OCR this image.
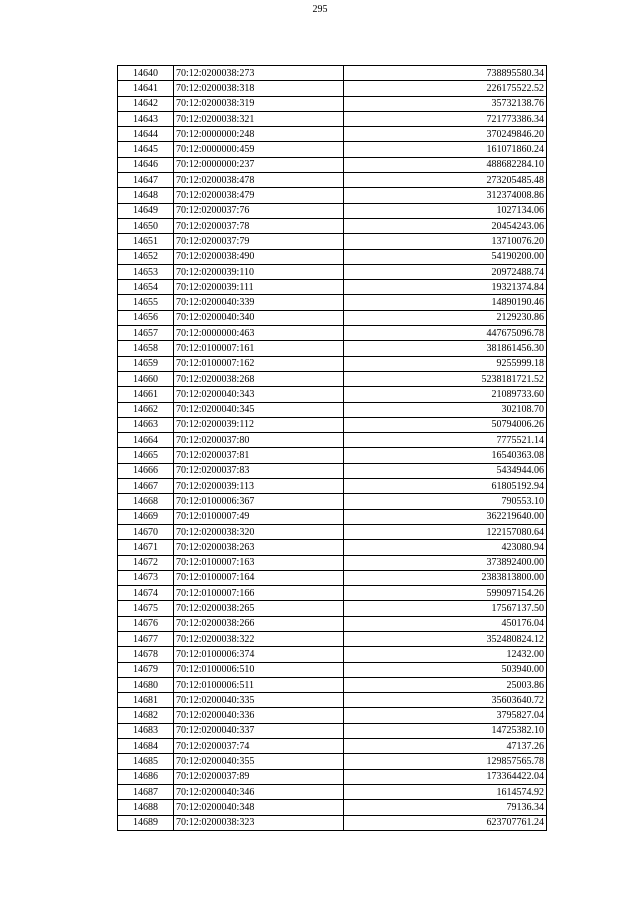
295
14640	70:12:0200038:273	738895580.34
14641	70:12:0200038:318	226175522.52
14642	70:12:0200038:319	35732138.76
14643	70:12:0200038:321	721773386.34
14644	70:12:0000000:248	370249846.20
14645	70:12:0000000:459	161071860.24
14646	70:12:0000000:237	488682284.10
14647	70:12:0200038:478	273205485.48
14648	70:12:0200038:479	312374008.86
14649	70:12:0200037:76	1027134.06
14650	70:12:0200037:78	20454243.06
14651	70:12:0200037:79	13710076.20
14652	70:12:0200038:490	54190200.00
14653	70:12:0200039:110	20972488.74
14654	70:12:0200039:111	19321374.84
14655	70:12:0200040:339	14890190.46
14656	70:12:0200040:340	2129230.86
14657	70:12:0000000:463	447675096.78
14658	70:12:0100007:161	381861456.30
14659	70:12:0100007:162	9255999.18
14660	70:12:0200038:268	5238181721.52
14661	70:12:0200040:343	21089733.60
14662	70:12:0200040:345	302108.70
14663	70:12:0200039:112	50794006.26
14664	70:12:0200037:80	7775521.14
14665	70:12:0200037:81	16540363.08
14666	70:12:0200037:83	5434944.06
14667	70:12:0200039:113	61805192.94
14668	70:12:0100006:367	790553.10
14669	70:12:0100007:49	362219640.00
14670	70:12:0200038:320	122157080.64
14671	70:12:0200038:263	423080.94
14672	70:12:0100007:163	373892400.00
14673	70:12:0100007:164	2383813800.00
14674	70:12:0100007:166	599097154.26
14675	70:12:0200038:265	17567137.50
14676	70:12:0200038:266	450176.04
14677	70:12:0200038:322	352480824.12
14678	70:12:0100006:374	12432.00
14679	70:12:0100006:510	503940.00
14680	70:12:0100006:511	25003.86
14681	70:12:0200040:335	35603640.72
14682	70:12:0200040:336	3795827.04
14683	70:12:0200040:337	14725382.10
14684	70:12:0200037:74	47137.26
14685	70:12:0200040:355	129857565.78
14686	70:12:0200037:89	173364422.04
14687	70:12:0200040:346	1614574.92
14688	70:12:0200040:348	79136.34
14689	70:12:0200038:323	623707761.24
